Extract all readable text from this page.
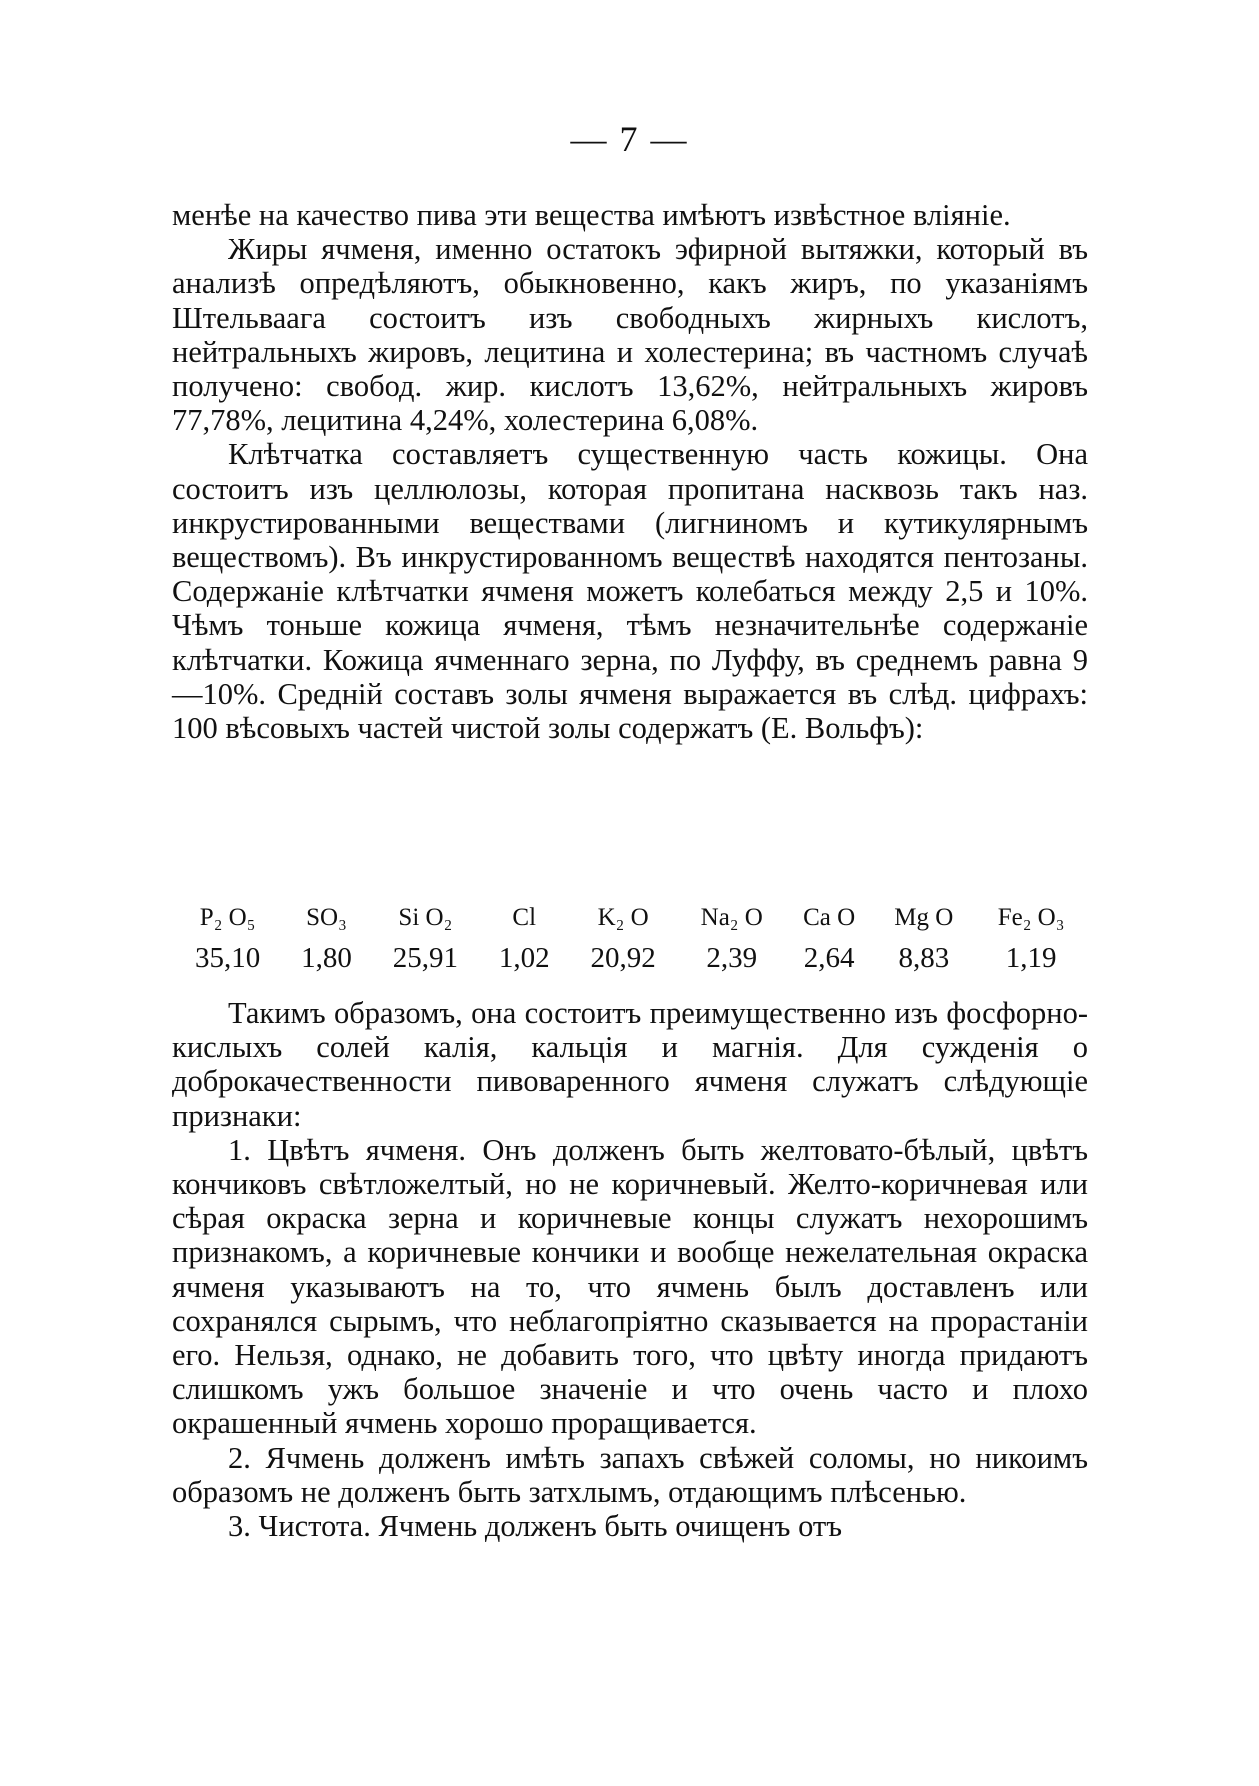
— 7 —

менѣе на качество пива эти вещества имѣютъ извѣстное вліяніе.

Жиры ячменя, именно остатокъ эфирной вытяжки, который въ анализѣ опредѣляютъ, обыкновенно, какъ жиръ, по указаніямъ Штельваага состоитъ изъ свободныхъ жирныхъ кислотъ, нейтральныхъ жировъ, лецитина и холестерина; въ частномъ случаѣ получено: свобод. жир. кислотъ 13,62%, нейтральныхъ жировъ 77,78%, лецитина 4,24%, холестерина 6,08%.

Клѣтчатка составляетъ существенную часть кожицы. Она состоитъ изъ целлюлозы, которая пропитана насквозь такъ наз. инкрустированными веществами (лигниномъ и кутикулярнымъ веществомъ). Въ инкрустированномъ веществѣ находятся пентозаны. Содержаніе клѣтчатки ячменя можетъ колебаться между 2,5 и 10%. Чѣмъ тоньше кожица ячменя, тѣмъ незначительнѣе содержаніе клѣтчатки. Кожица ячменнаго зерна, по Луффу, въ среднемъ равна 9—10%. Средній составъ золы ячменя выражается въ слѣд. цифрахъ: 100 вѣсовыхъ частей чистой золы содержатъ (Е. Вольфъ):

P₂ O₅	SO₃	Si O₂	Cl	K₂ O	Na₂ O	Ca O	Mg O	Fe₂ O₃
35,10	1,80	25,91	1,02	20,92	2,39	2,64	8,83	1,19

Такимъ образомъ, она состоитъ преимущественно изъ фосфорно-кислыхъ солей калія, кальція и магнія. Для сужденія о доброкачественности пивоваренного ячменя служатъ слѣдующіе признаки:

1. Цвѣтъ ячменя. Онъ долженъ быть желтовато-бѣлый, цвѣтъ кончиковъ свѣтложелтый, но не коричневый. Желто-коричневая или сѣрая окраска зерна и коричневые концы служатъ нехорошимъ признакомъ, а коричневые кончики и вообще нежелательная окраска ячменя указываютъ на то, что ячмень былъ доставленъ или сохранялся сырымъ, что неблагопріятно сказывается на прорастаніи его. Нельзя, однако, не добавить того, что цвѣту иногда придаютъ слишкомъ ужъ большое значеніе и что очень часто и плохо окрашенный ячмень хорошо проращивается.

2. Ячмень долженъ имѣть запахъ свѣжей соломы, но никоимъ образомъ не долженъ быть затхлымъ, отдающимъ плѣсенью.

3. Чистота. Ячмень долженъ быть очищенъ отъ
